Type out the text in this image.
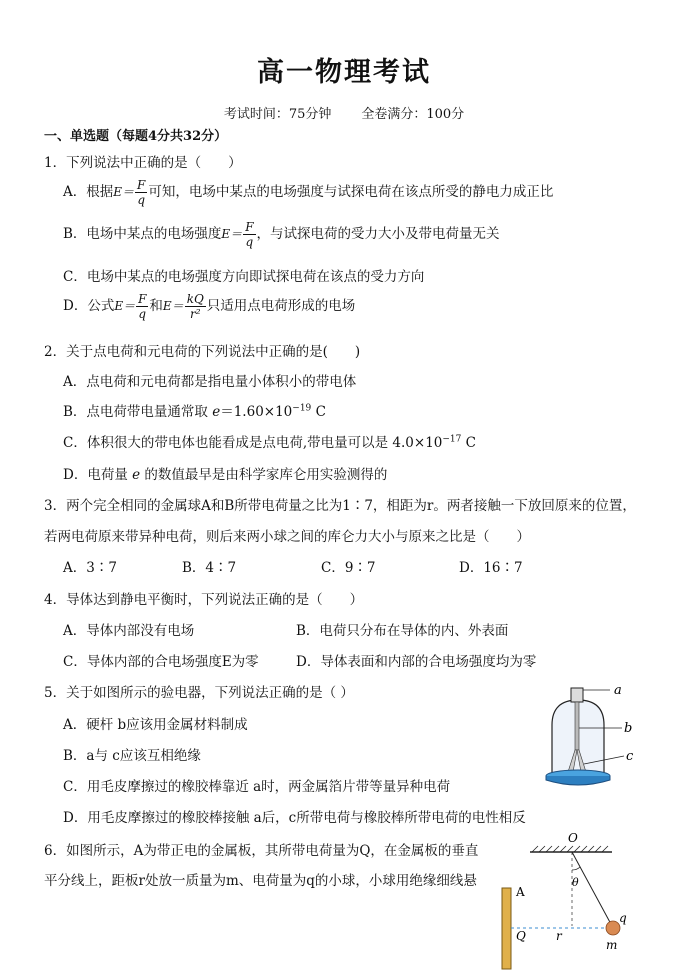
高一物理考试
考试时间：75分钟 全卷满分：100分
一、单选题（每题4分共32分）
1．下列说法中正确的是（　　）
A．根据$E= \frac{F}{q}$ 可知，电场中某点的电场强度与试探电荷在该点所受的静电力成正比
B．电场中某点的电场强度$E= \frac{F}{q}$ ，与试探电荷的受力大小及带电荷量无关
C．电场中某点的电场强度方向即试探电荷在该点的受力方向
D．公式$E= \frac{F}{q}$ 和$E= \frac{kQ}{\text{r²}}$ 只适用点电荷形成的电场
2．关于点电荷和元电荷的下列说法中正确的是(　　)
A．点电荷和元电荷都是指电量小体积小的带电体
B．点电荷带电量通常取 $e=1.60\times 10^{-19}$ C
C．体积很大的带电体也能看成是点电荷,带电量可以是 $4.0\times 10^{-17}$ C
D．电荷量 e 的数值最早是由科学家库仑用实验测得的
3．两个完全相同的金属球A和B所带电荷量之比为1∶7，相距为r。两者接触一下放回原来的位置，
若两电荷原来带异种电荷，则后来两小球之间的库仑力大小与原来之比是（　　）
A．3∶7	B．4∶7	C．9∶7	D．16∶7
4．导体达到静电平衡时，下列说法正确的是（　　）
A．导体内部没有电场	B．电荷只分布在导体的内、外表面
C．导体内部的合电场强度E为零	D．导体表面和内部的合电场强度均为零
5．关于如图所示的验电器，下列说法正确的是（ ）
A．硬杆 b应该用金属材料制成
B．a与 c应该互相绝缘
C．用毛皮摩擦过的橡胶棒靠近 a时，两金属箔片带等量异种电荷
D．用毛皮摩擦过的橡胶棒接触 a后，c所带电荷与橡胶棒所带电荷的电性相反
a
b
c
6．如图所示，A为带正电的金属板，其所带电荷量为Q，在金属板的垂直
平分线上，距板r处放一质量为m、电荷量为q的小球，小球用绝缘细线悬
O
θ
A
Q	r
q
m
